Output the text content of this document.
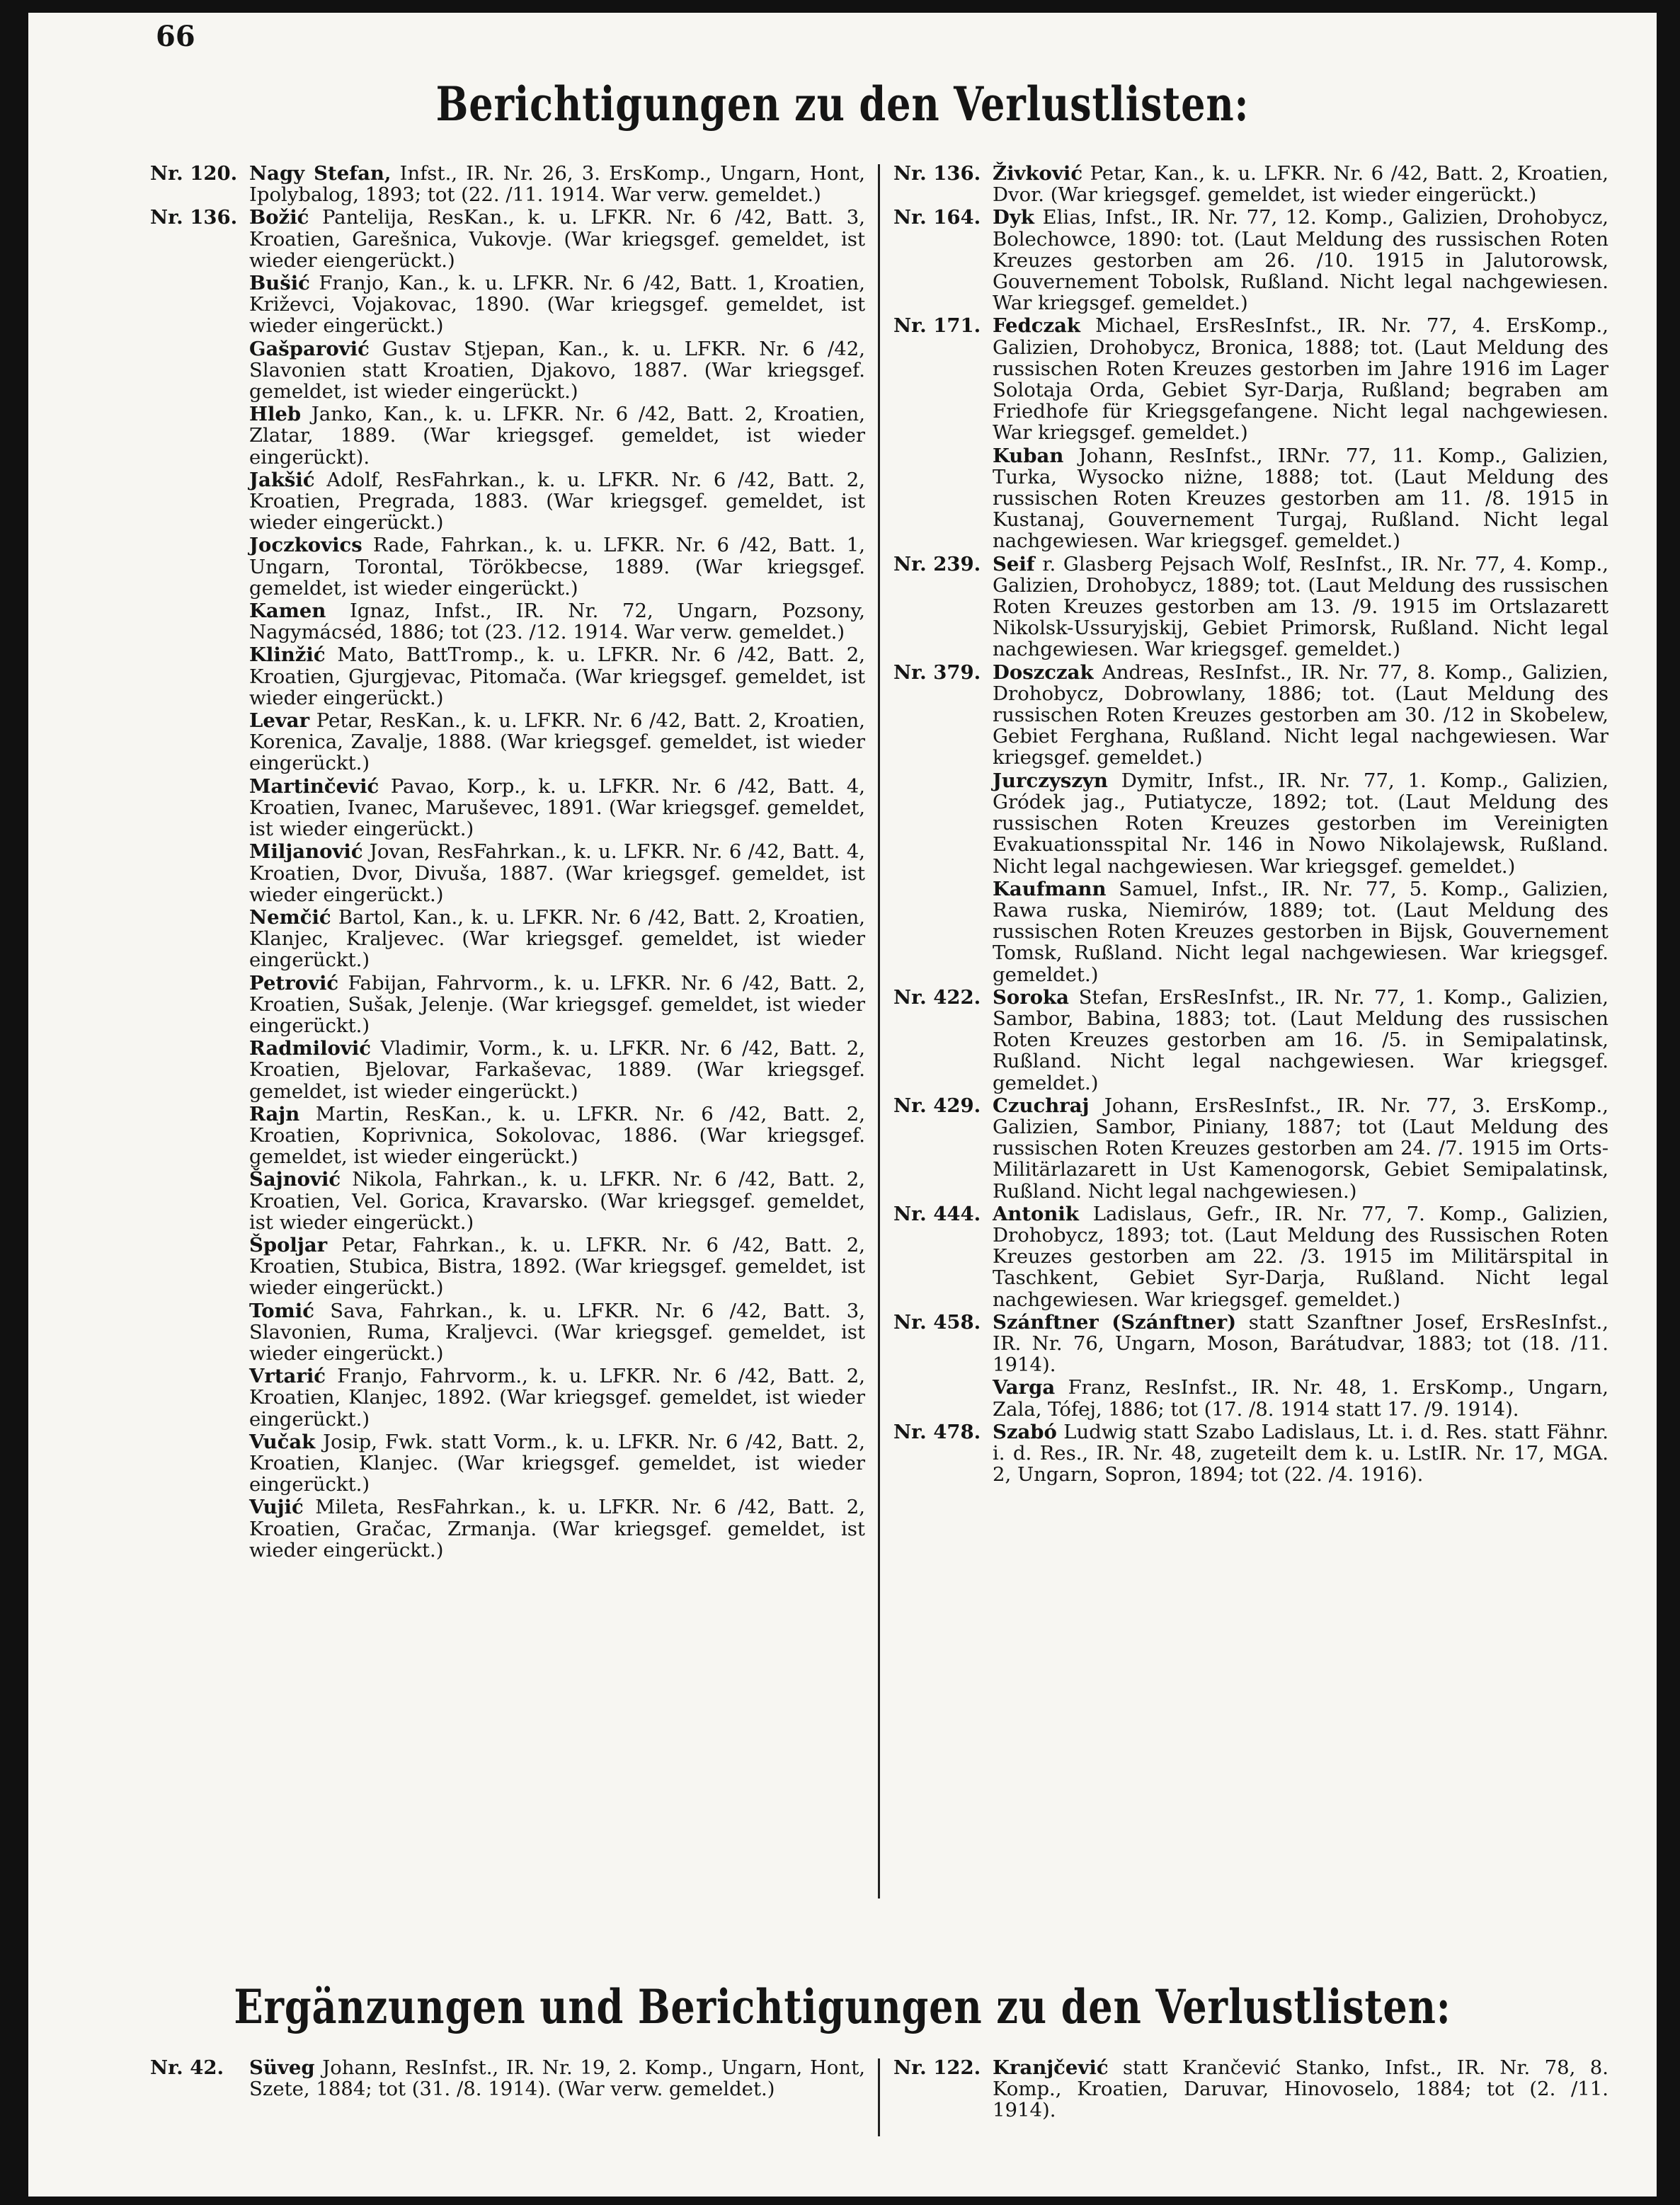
66
Berichtigungen zu den Verlustlisten:
Nr. 120. Nagy Stefan, Infst., IR. Nr. 26, 3. ErsKomp., Ungarn, Hont, Ipolybalog, 1893; tot (22. /11. 1914. War verw. gemeldet.)
Nr. 136. Božić Pantelija, ResKan., k. u. LFKR. Nr. 6 /42, Batt. 3, Kroatien, Garešnica, Vukovje. (War kriegsgef. gemeldet, ist wieder eiengerückt.)
Bušić Franjo, Kan., k. u. LFKR. Nr. 6 /42, Batt. 1, Kroatien, Križevci, Vojakovac, 1890. (War kriegsgef. gemeldet, ist wieder eingerückt.)
Gašparović Gustav Stjepan, Kan., k. u. LFKR. Nr. 6 /42, Slavonien statt Kroatien, Djakovo, 1887. (War kriegsgef. gemeldet, ist wieder eingerückt.)
Hleb Janko, Kan., k. u. LFKR. Nr. 6 /42, Batt. 2, Kroatien, Zlatar, 1889. (War kriegsgef. gemeldet, ist wieder eingerückt).
Jakšić Adolf, ResFahrkan., k. u. LFKR. Nr. 6 /42, Batt. 2, Kroatien, Pregrada, 1883. (War kriegsgef. gemeldet, ist wieder eingerückt.)
Joczkovics Rade, Fahrkan., k. u. LFKR. Nr. 6 /42, Batt. 1, Ungarn, Torontal, Törökbecse, 1889. (War kriegsgef. gemeldet, ist wieder eingerückt.)
Kamen Ignaz, Infst., IR. Nr. 72, Ungarn, Pozsony, Nagymácséd, 1886; tot (23. /12. 1914. War verw. gemeldet.)
Klinžić Mato, BattTromp., k. u. LFKR. Nr. 6 /42, Batt. 2, Kroatien, Gjurgjevac, Pitomača. (War kriegsgef. gemeldet, ist wieder eingerückt.)
Levar Petar, ResKan., k. u. LFKR. Nr. 6 /42, Batt. 2, Kroatien, Korenica, Zavalje, 1888. (War kriegsgef. gemeldet, ist wieder eingerückt.)
Martinčević Pavao, Korp., k. u. LFKR. Nr. 6 /42, Batt. 4, Kroatien, Ivanec, Maruševec, 1891. (War kriegsgef. gemeldet, ist wieder eingerückt.)
Miljanović Jovan, ResFahrkan., k. u. LFKR. Nr. 6 /42, Batt. 4, Kroatien, Dvor, Divuša, 1887. (War kriegsgef. gemeldet, ist wieder eingerückt.)
Nemčić Bartol, Kan., k. u. LFKR. Nr. 6 /42, Batt. 2, Kroatien, Klanjec, Kraljevec. (War kriegsgef. gemeldet, ist wieder eingerückt.)
Petrović Fabijan, Fahrvorm., k. u. LFKR. Nr. 6 /42, Batt. 2, Kroatien, Sušak, Jelenje. (War kriegsgef. gemeldet, ist wieder eingerückt.)
Radmilović Vladimir, Vorm., k. u. LFKR. Nr. 6 /42, Batt. 2, Kroatien, Bjelovar, Farkaševac, 1889. (War kriegsgef. gemeldet, ist wieder eingerückt.)
Rajn Martin, ResKan., k. u. LFKR. Nr. 6 /42, Batt. 2, Kroatien, Koprivnica, Sokolovac, 1886. (War kriegsgef. gemeldet, ist wieder eingerückt.)
Šajnović Nikola, Fahrkan., k. u. LFKR. Nr. 6 /42, Batt. 2, Kroatien, Vel. Gorica, Kravarsko. (War kriegsgef. gemeldet, ist wieder eingerückt.)
Špoljar Petar, Fahrkan., k. u. LFKR. Nr. 6 /42, Batt. 2, Kroatien, Stubica, Bistra, 1892. (War kriegsgef. gemeldet, ist wieder eingerückt.)
Tomić Sava, Fahrkan., k. u. LFKR. Nr. 6 /42, Batt. 3, Slavonien, Ruma, Kraljevci. (War kriegsgef. gemeldet, ist wieder eingerückt.)
Vrtarić Franjo, Fahrvorm., k. u. LFKR. Nr. 6 /42, Batt. 2, Kroatien, Klanjec, 1892. (War kriegsgef. gemeldet, ist wieder eingerückt.)
Vučak Josip, Fwk. statt Vorm., k. u. LFKR. Nr. 6 /42, Batt. 2, Kroatien, Klanjec. (War kriegsgef. gemeldet, ist wieder eingerückt.)
Vujić Mileta, ResFahrkan., k. u. LFKR. Nr. 6 /42, Batt. 2, Kroatien, Gračac, Zrmanja. (War kriegsgef. gemeldet, ist wieder eingerückt.)
Nr. 136. Živković Petar, Kan., k. u. LFKR. Nr. 6 /42, Batt. 2, Kroatien, Dvor. (War kriegsgef. gemeldet, ist wieder eingerückt.)
Nr. 164. Dyk Elias, Infst., IR. Nr. 77, 12. Komp., Galizien, Drohobycz, Bolechowce, 1890: tot. (Laut Meldung des russischen Roten Kreuzes gestorben am 26. /10. 1915 in Jalutorowsk, Gouvernement Tobolsk, Rußland. Nicht legal nachgewiesen. War kriegsgef. gemeldet.)
Nr. 171. Fedczak Michael, ErsResInfst., IR. Nr. 77, 4. ErsKomp., Galizien, Drohobycz, Bronica, 1888; tot. (Laut Meldung des russischen Roten Kreuzes gestorben im Jahre 1916 im Lager Solotaja Orda, Gebiet Syr-Darja, Rußland; begraben am Friedhofe für Kriegsgefangene. Nicht legal nachgewiesen. War kriegsgef. gemeldet.)
Kuban Johann, ResInfst., IRNr. 77, 11. Komp., Galizien, Turka, Wysocko niżne, 1888; tot. (Laut Meldung des russischen Roten Kreuzes gestorben am 11. /8. 1915 in Kustanaj, Gouvernement Turgaj, Rußland. Nicht legal nachgewiesen. War kriegsgef. gemeldet.)
Nr. 239. Seif r. Glasberg Pejsach Wolf, ResInfst., IR. Nr. 77, 4. Komp., Galizien, Drohobycz, 1889; tot. (Laut Meldung des russischen Roten Kreuzes gestorben am 13. /9. 1915 im Ortslazarett Nikolsk-Ussuryjskij, Gebiet Primorsk, Rußland. Nicht legal nachgewiesen. War kriegsgef. gemeldet.)
Nr. 379. Doszczak Andreas, ResInfst., IR. Nr. 77, 8. Komp., Galizien, Drohobycz, Dobrowlany, 1886; tot. (Laut Meldung des russischen Roten Kreuzes gestorben am 30. /12 in Skobelew, Gebiet Ferghana, Rußland. Nicht legal nachgewiesen. War kriegsgef. gemeldet.)
Jurczyszyn Dymitr, Infst., IR. Nr. 77, 1. Komp., Galizien, Gródek jag., Putiatycze, 1892; tot. (Laut Meldung des russischen Roten Kreuzes gestorben im Vereinigten Evakuationsspital Nr. 146 in Nowo Nikolajewsk, Rußland. Nicht legal nachgewiesen. War kriegsgef. gemeldet.)
Kaufmann Samuel, Infst., IR. Nr. 77, 5. Komp., Galizien, Rawa ruska, Niemirów, 1889; tot. (Laut Meldung des russischen Roten Kreuzes gestorben in Bijsk, Gouvernement Tomsk, Rußland. Nicht legal nachgewiesen. War kriegsgef. gemeldet.)
Nr. 422. Soroka Stefan, ErsResInfst., IR. Nr. 77, 1. Komp., Galizien, Sambor, Babina, 1883; tot. (Laut Meldung des russischen Roten Kreuzes gestorben am 16. /5. in Semipalatinsk, Rußland. Nicht legal nachgewiesen. War kriegsgef. gemeldet.)
Nr. 429. Czuchraj Johann, ErsResInfst., IR. Nr. 77, 3. ErsKomp., Galizien, Sambor, Piniany, 1887; tot (Laut Meldung des russischen Roten Kreuzes gestorben am 24. /7. 1915 im Orts-Militärlazarett in Ust Kamenogorsk, Gebiet Semipalatinsk, Rußland. Nicht legal nachgewiesen.)
Nr. 444. Antonik Ladislaus, Gefr., IR. Nr. 77, 7. Komp., Galizien, Drohobycz, 1893; tot. (Laut Meldung des Russischen Roten Kreuzes gestorben am 22. /3. 1915 im Militärspital in Taschkent, Gebiet Syr-Darja, Rußland. Nicht legal nachgewiesen. War kriegsgef. gemeldet.)
Nr. 458. Szánftner (Szánftner) statt Szanftner Josef, ErsResInfst., IR. Nr. 76, Ungarn, Moson, Barátudvar, 1883; tot (18. /11. 1914).
Varga Franz, ResInfst., IR. Nr. 48, 1. ErsKomp., Ungarn, Zala, Tófej, 1886; tot (17. /8. 1914 statt 17. /9. 1914).
Nr. 478. Szabó Ludwig statt Szabo Ladislaus, Lt. i. d. Res. statt Fähnr. i. d. Res., IR. Nr. 48, zugeteilt dem k. u. LstIR. Nr. 17, MGA. 2, Ungarn, Sopron, 1894; tot (22. /4. 1916).
Ergänzungen und Berichtigungen zu den Verlustlisten:
Nr. 42. Süveg Johann, ResInfst., IR. Nr. 19, 2. Komp., Ungarn, Hont, Szete, 1884; tot (31. /8. 1914). (War verw. gemeldet.)
Nr. 122. Kranjčević statt Krančević Stanko, Infst., IR. Nr. 78, 8. Komp., Kroatien, Daruvar, Hinovoselo, 1884; tot (2. /11. 1914).
